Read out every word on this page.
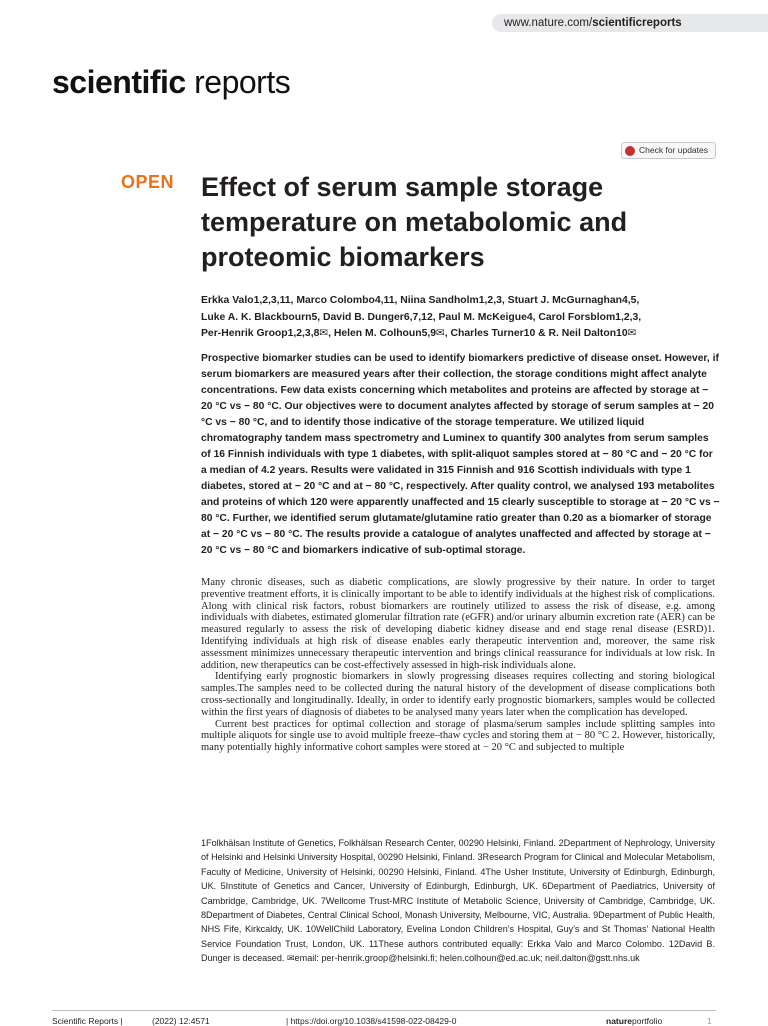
www.nature.com/scientificreports
scientific reports
Check for updates
OPEN Effect of serum sample storage temperature on metabolomic and proteomic biomarkers
Erkka Valo1,2,3,11, Marco Colombo4,11, Niina Sandholm1,2,3, Stuart J. McGurnaghan4,5,
Luke A. K. Blackbourn5, David B. Dunger6,7,12, Paul M. McKeigue4, Carol Forsblom1,2,3,
Per-Henrik Groop1,2,3,8✉, Helen M. Colhoun5,9✉, Charles Turner10 & R. Neil Dalton10✉

Prospective biomarker studies can be used to identify biomarkers predictive of disease onset. However, if serum biomarkers are measured years after their collection, the storage conditions might affect analyte concentrations. Few data exists concerning which metabolites and proteins are affected by storage at − 20 °C vs − 80 °C. Our objectives were to document analytes affected by storage of serum samples at − 20 °C vs − 80 °C, and to identify those indicative of the storage temperature. We utilized liquid chromatography tandem mass spectrometry and Luminex to quantify 300 analytes from serum samples of 16 Finnish individuals with type 1 diabetes, with split-aliquot samples stored at − 80 °C and − 20 °C for a median of 4.2 years. Results were validated in 315 Finnish and 916 Scottish individuals with type 1 diabetes, stored at − 20 °C and at − 80 °C, respectively. After quality control, we analysed 193 metabolites and proteins of which 120 were apparently unaffected and 15 clearly susceptible to storage at − 20 °C vs − 80 °C. Further, we identified serum glutamate/glutamine ratio greater than 0.20 as a biomarker of storage at − 20 °C vs − 80 °C. The results provide a catalogue of analytes unaffected and affected by storage at − 20 °C vs − 80 °C and biomarkers indicative of sub-optimal storage.

Many chronic diseases, such as diabetic complications, are slowly progressive by their nature. In order to target preventive treatment efforts, it is clinically important to be able to identify individuals at the highest risk of complications. Along with clinical risk factors, robust biomarkers are routinely utilized to assess the risk of disease, e.g. among individuals with diabetes, estimated glomerular filtration rate (eGFR) and/or urinary albumin excretion rate (AER) can be measured regularly to assess the risk of developing diabetic kidney disease and end stage renal disease (ESRD)1. Identifying individuals at high risk of disease enables early therapeutic intervention and, moreover, the same risk assessment minimizes unnecessary therapeutic intervention and brings clinical reassurance for individuals at low risk. In addition, new therapeutics can be cost-effectively assessed in high-risk individuals alone.

Identifying early prognostic biomarkers in slowly progressing diseases requires collecting and storing biological samples.The samples need to be collected during the natural history of the development of disease complications both cross-sectionally and longitudinally. Ideally, in order to identify early prognostic biomarkers, samples would be collected within the first years of diagnosis of diabetes to be analysed many years later when the complication has developed.

Current best practices for optimal collection and storage of plasma/serum samples include splitting samples into multiple aliquots for single use to avoid multiple freeze–thaw cycles and storing them at − 80 °C 2. However, historically, many potentially highly informative cohort samples were stored at − 20 °C and subjected to multiple

1Folkhälsan Institute of Genetics, Folkhälsan Research Center, 00290 Helsinki, Finland. 2Department of Nephrology, University of Helsinki and Helsinki University Hospital, 00290 Helsinki, Finland. 3Research Program for Clinical and Molecular Metabolism, Faculty of Medicine, University of Helsinki, 00290 Helsinki, Finland. 4The Usher Institute, University of Edinburgh, Edinburgh, UK. 5Institute of Genetics and Cancer, University of Edinburgh, Edinburgh, UK. 6Department of Paediatrics, University of Cambridge, Cambridge, UK. 7Wellcome Trust-MRC Institute of Metabolic Science, University of Cambridge, Cambridge, UK. 8Department of Diabetes, Central Clinical School, Monash University, Melbourne, VIC, Australia. 9Department of Public Health, NHS Fife, Kirkcaldy, UK. 10WellChild Laboratory, Evelina London Children's Hospital, Guy's and St Thomas' National Health Service Foundation Trust, London, UK. 11These authors contributed equally: Erkka Valo and Marco Colombo. 12David B. Dunger is deceased. ✉email: per-henrik.groop@helsinki.fi; helen.colhoun@ed.ac.uk; neil.dalton@gstt.nhs.uk

Scientific Reports |	(2022) 12:4571	| https://doi.org/10.1038/s41598-022-08429-0	natureportfolio	1
